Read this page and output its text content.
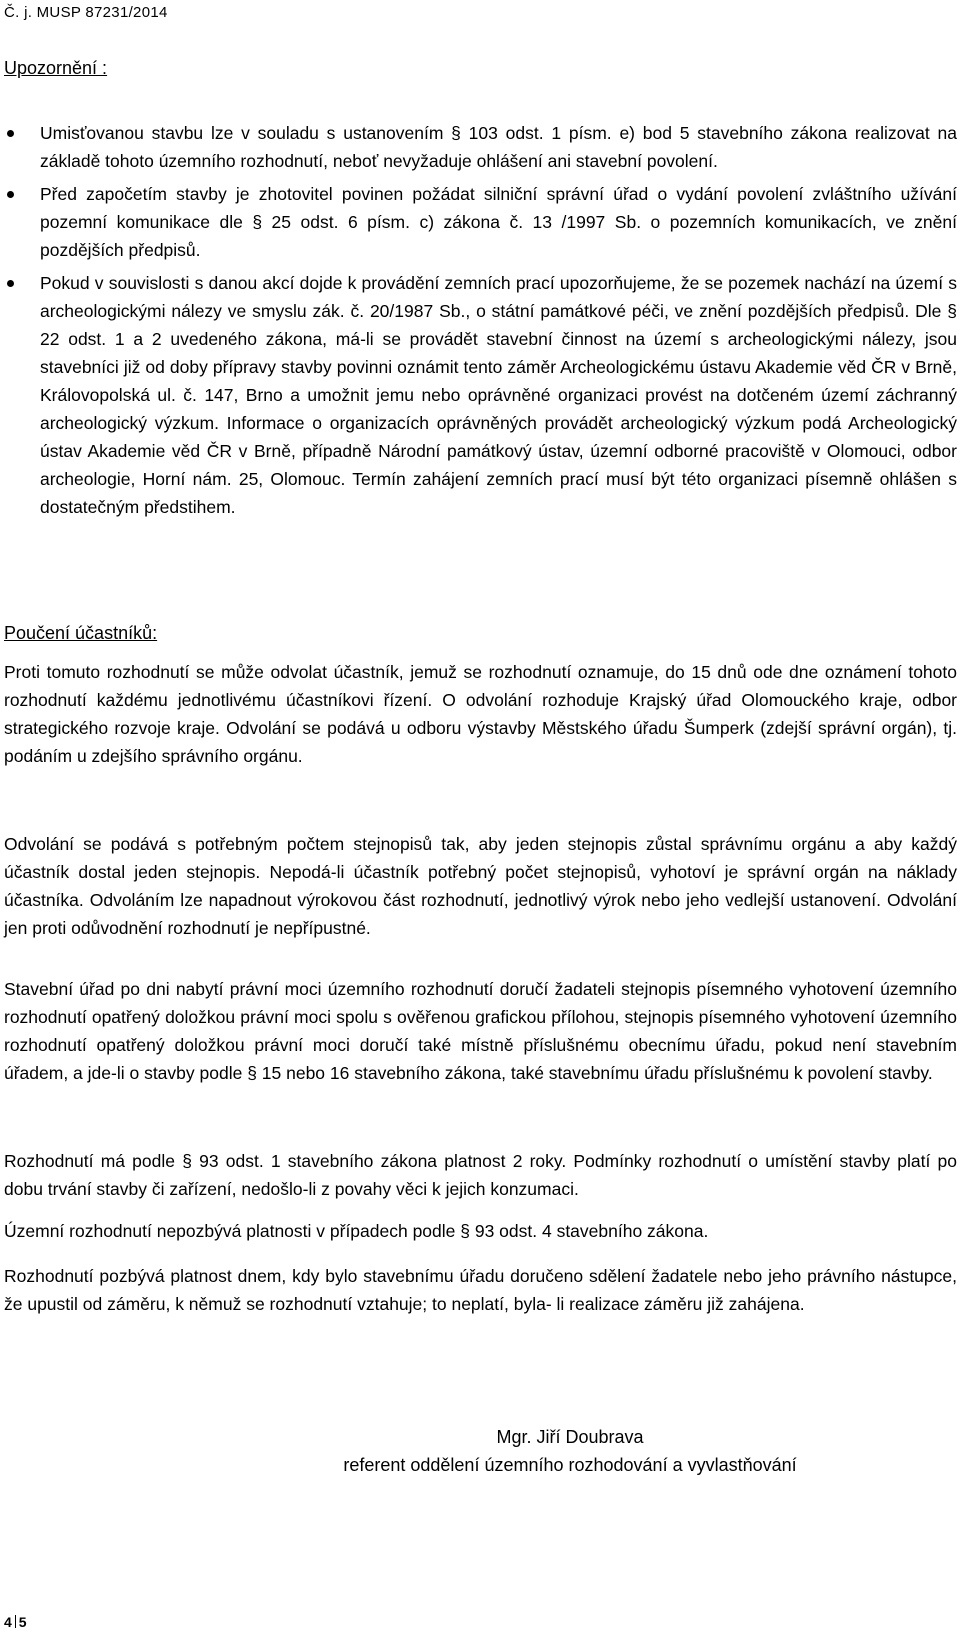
Č. j. MUSP 87231/2014
Upozornění :
Umisťovanou stavbu lze v souladu s ustanovením § 103 odst. 1 písm. e) bod 5 stavebního zákona realizovat na základě tohoto územního rozhodnutí, neboť nevyžaduje ohlášení ani stavební povolení.
Před započetím stavby je zhotovitel povinen požádat silniční správní úřad o vydání povolení zvláštního užívání pozemní komunikace dle § 25 odst. 6 písm. c) zákona č. 13 /1997 Sb. o pozemních komunikacích, ve znění pozdějších předpisů.
Pokud v souvislosti s danou akcí dojde k provádění zemních prací upozorňujeme, že se pozemek nachází na území s archeologickými nálezy ve smyslu zák. č. 20/1987 Sb., o státní památkové péči, ve znění pozdějších předpisů. Dle § 22 odst. 1 a 2 uvedeného zákona, má-li se provádět stavební činnost na území s archeologickými nálezy, jsou stavebníci již od doby přípravy stavby povinni oznámit tento záměr Archeologickému ústavu Akademie věd ČR v Brně, Královopolská ul. č. 147, Brno a umožnit jemu nebo oprávněné organizaci provést na dotčeném území záchranný archeologický výzkum. Informace o organizacích oprávněných provádět archeologický výzkum podá Archeologický ústav Akademie věd ČR v Brně, případně Národní památkový ústav, územní odborné pracoviště v Olomouci, odbor archeologie, Horní nám. 25, Olomouc. Termín zahájení zemních prací musí být této organizaci písemně ohlášen s dostatečným předstihem.
Poučení účastníků:

Proti tomuto rozhodnutí se může odvolat účastník, jemuž se rozhodnutí oznamuje, do 15 dnů ode dne oznámení tohoto rozhodnutí každému jednotlivému účastníkovi řízení. O odvolání rozhoduje Krajský úřad Olomouckého kraje, odbor strategického rozvoje kraje. Odvolání se podává u odboru výstavby Městského úřadu Šumperk (zdejší správní orgán), tj. podáním u zdejšího správního orgánu.

Odvolání se podává s potřebným počtem stejnopisů tak, aby jeden stejnopis zůstal správnímu orgánu a aby každý účastník dostal jeden stejnopis. Nepodá-li účastník potřebný počet stejnopisů, vyhotoví je správní orgán na náklady účastníka. Odvoláním lze napadnout výrokovou část rozhodnutí, jednotlivý výrok nebo jeho vedlejší ustanovení. Odvolání jen proti odůvodnění rozhodnutí je nepřípustné.

Stavební úřad po dni nabytí právní moci územního rozhodnutí doručí žadateli stejnopis písemného vyhotovení územního rozhodnutí opatřený doložkou právní moci spolu s ověřenou grafickou přílohou, stejnopis písemného vyhotovení územního rozhodnutí opatřený doložkou právní moci doručí také místně příslušnému obecnímu úřadu, pokud není stavebním úřadem, a jde-li o stavby podle § 15 nebo 16 stavebního zákona, také stavebnímu úřadu příslušnému k povolení stavby.

Rozhodnutí má podle § 93 odst. 1 stavebního zákona platnost 2 roky. Podmínky rozhodnutí o umístění stavby platí po dobu trvání stavby či zařízení, nedošlo-li z povahy věci k jejich konzumaci.

Územní rozhodnutí nepozbývá platnosti v případech podle § 93 odst. 4 stavebního zákona.

Rozhodnutí pozbývá platnost dnem, kdy bylo stavebnímu úřadu doručeno sdělení žadatele nebo jeho právního nástupce, že upustil od záměru, k němuž se rozhodnutí vztahuje; to neplatí, byla- li realizace záměru již zahájena.

Mgr. Jiří Doubrava
referent oddělení územního rozhodování a vyvlastňování
4 5
